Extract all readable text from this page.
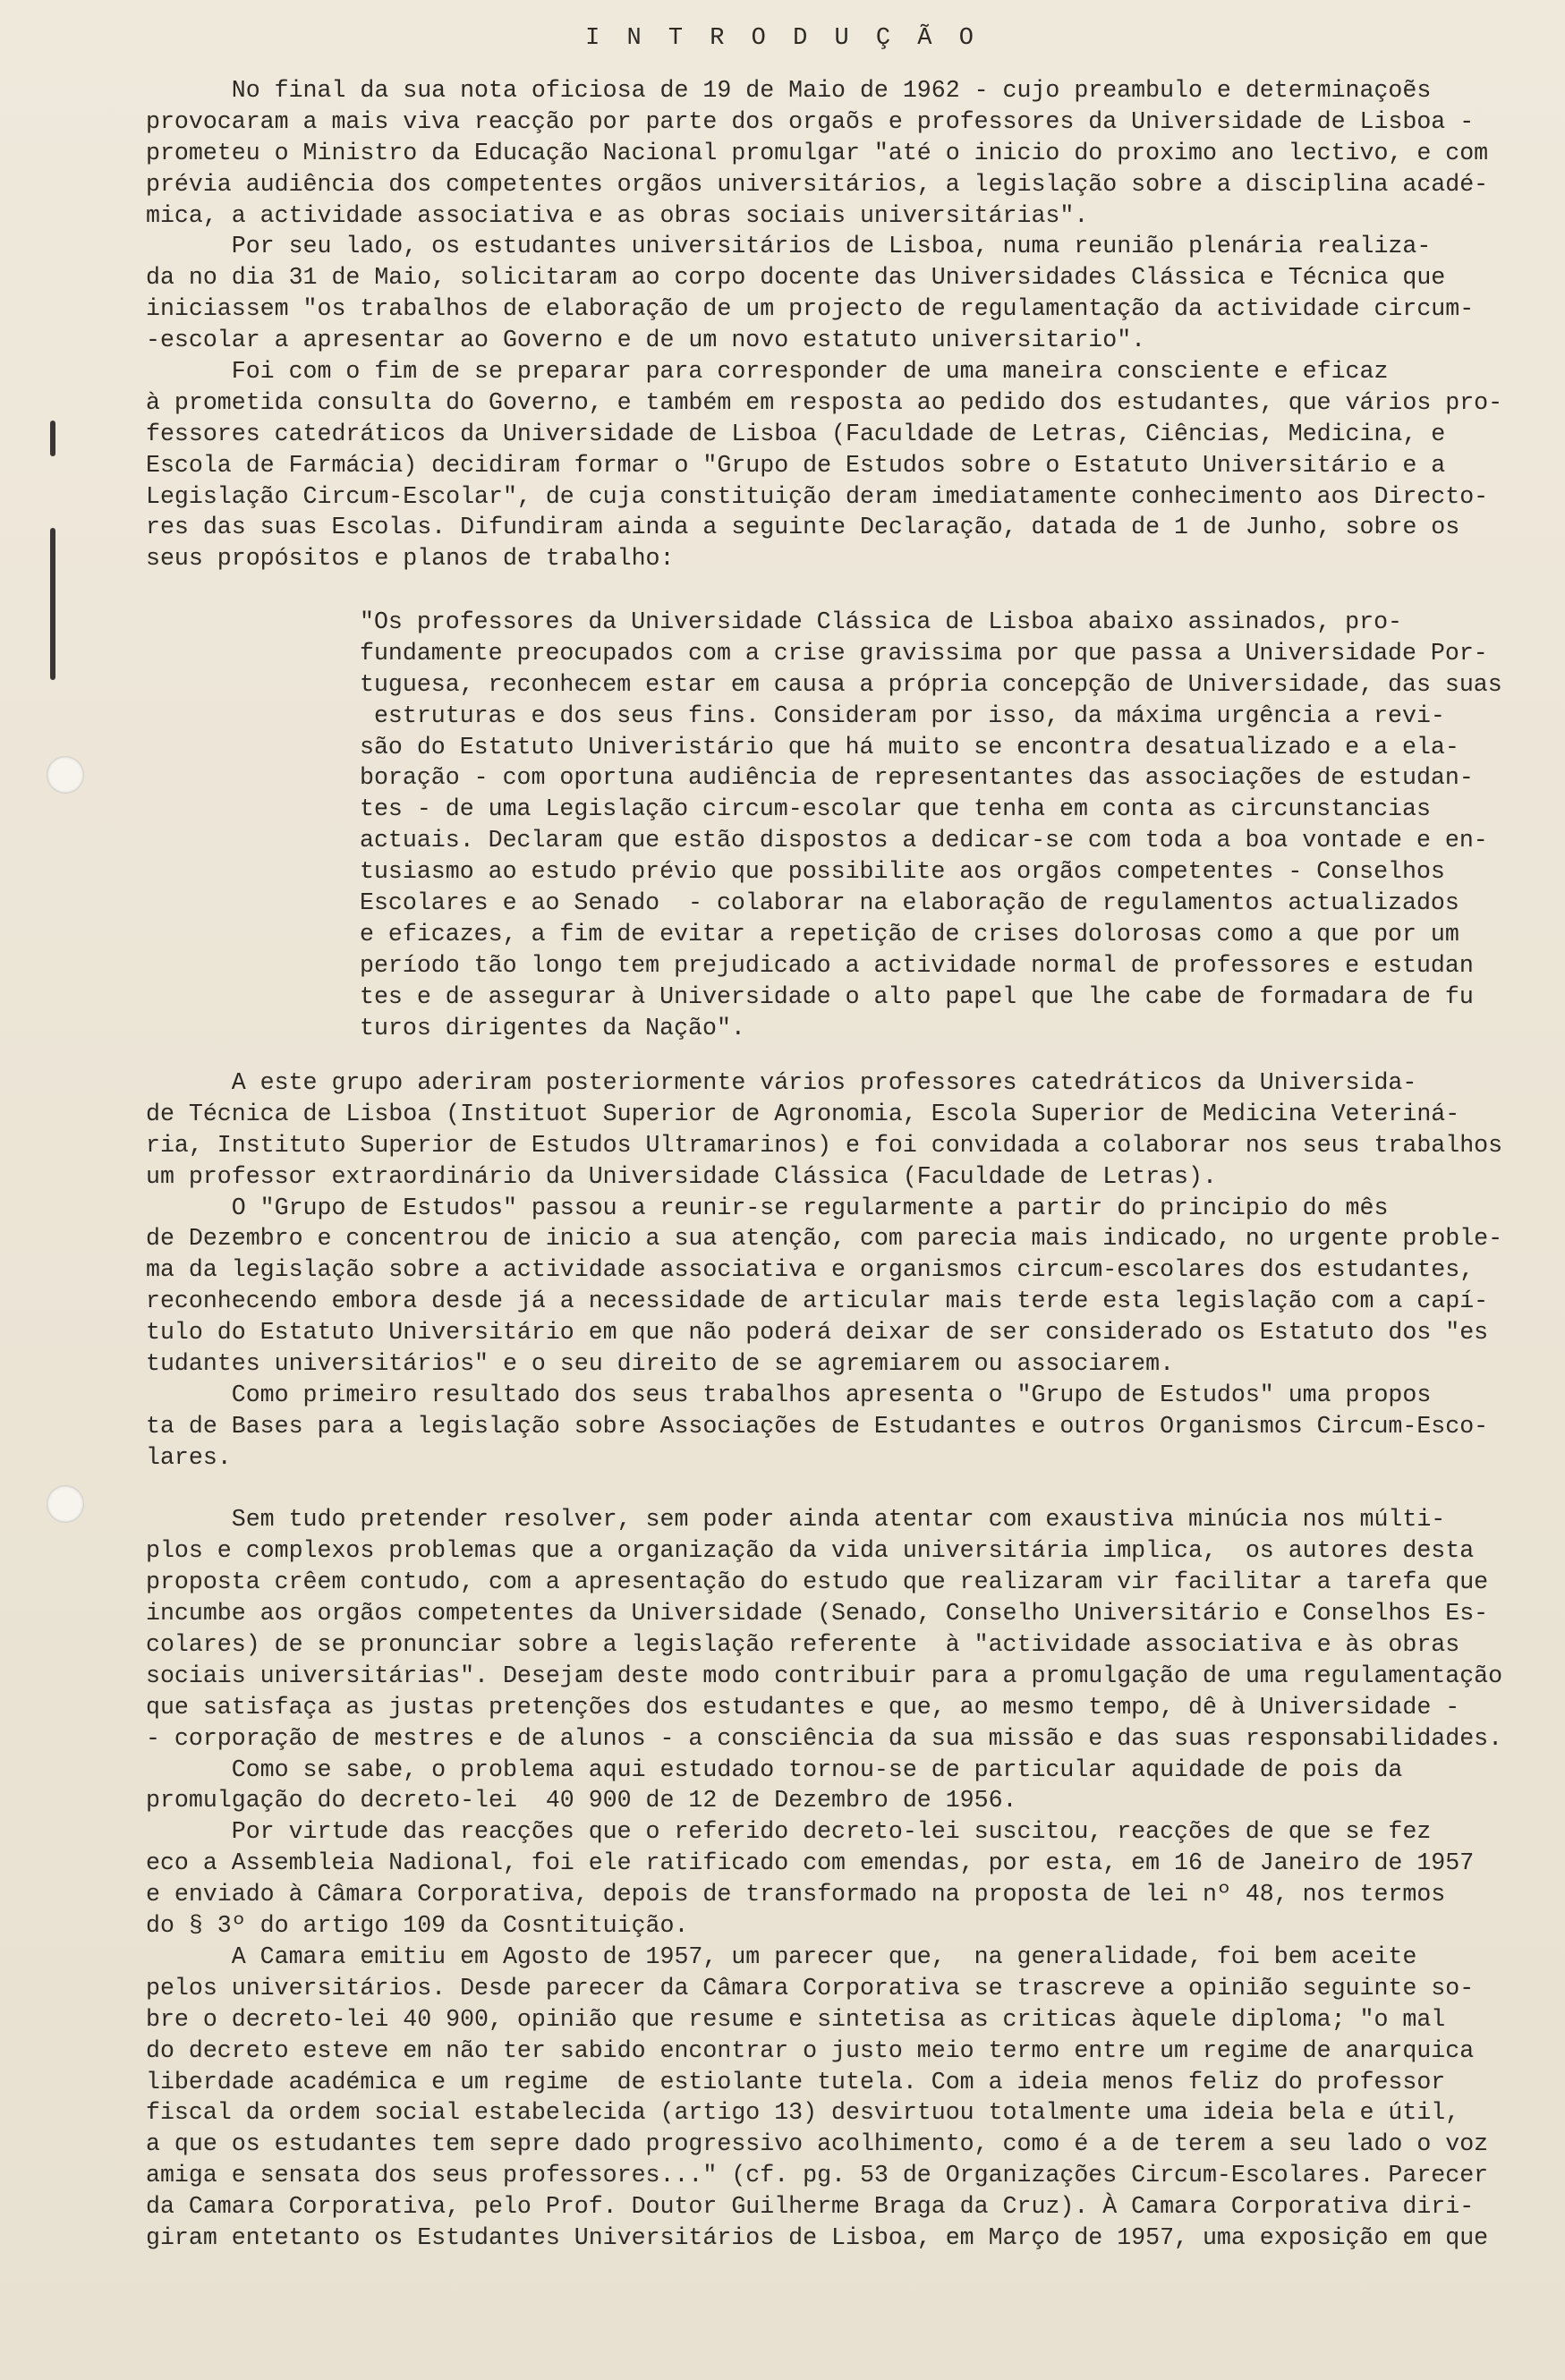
I N T R O D U Ç Ã O
No final da sua nota oficiosa de 19 de Maio de 1962 - cujo preambulo e determinaçoẽs
provocaram a mais viva reacção por parte dos orgaõs e professores da Universidade de Lisboa -
prometeu o Ministro da Educação Nacional promulgar "até o inicio do proximo ano lectivo, e com
prévia audiência dos competentes orgãos universitários, a legislação sobre a disciplina acadé-
mica, a actividade associativa e as obras sociais universitárias".
Por seu lado, os estudantes universitários de Lisboa, numa reunião plenária realiza-
da no dia 31 de Maio, solicitaram ao corpo docente das Universidades Clássica e Técnica que
iniciassem "os trabalhos de elaboração de um projecto de regulamentação da actividade circum-
-escolar a apresentar ao Governo e de um novo estatuto universitario".
Foi com o fim de se preparar para corresponder de uma maneira consciente e eficaz
à prometida consulta do Governo, e também em resposta ao pedido dos estudantes, que vários pro-
fessores catedráticos da Universidade de Lisboa (Faculdade de Letras, Ciências, Medicina, e
Escola de Farmácia) decidiram formar o "Grupo de Estudos sobre o Estatuto Universitário e a
Legislação Circum-Escolar", de cuja constituição deram imediatamente conhecimento aos Directo-
res das suas Escolas. Difundiram ainda a seguinte Declaração, datada de 1 de Junho, sobre os
seus propósitos e planos de trabalho:
"Os professores da Universidade Clássica de Lisboa abaixo assinados, pro-
fundamente preocupados com a crise gravissima por que passa a Universidade Por-
tuguesa, reconhecem estar em causa a própria concepção de Universidade, das suas
estruturas e dos seus fins. Consideram por isso, da máxima urgência a revi-
são do Estatuto Univeristário que há muito se encontra desatualizado e a ela-
boração - com oportuna audiência de representantes das associações de estudan-
tes - de uma Legislação circum-escolar que tenha em conta as circunstancias
actuais. Declaram que estão dispostos a dedicar-se com toda a boa vontade e en-
tusiasmo ao estudo prévio que possibilite aos orgãos competentes - Conselhos
Escolares e ao Senado  - colaborar na elaboração de regulamentos actualizados
e eficazes, a fim de evitar a repetição de crises dolorosas como a que por um
período tão longo tem prejudicado a actividade normal de professores e estudan
tes e de assegurar à Universidade o alto papel que lhe cabe de formadara de fu
turos dirigentes da Nação".
A este grupo aderiram posteriormente vários professores catedráticos da Universida-
de Técnica de Lisboa (Instituot Superior de Agronomia, Escola Superior de Medicina Veteriná-
ria, Instituto Superior de Estudos Ultramarinos) e foi convidada a colaborar nos seus trabalhos
um professor extraordinário da Universidade Clássica (Faculdade de Letras).
O "Grupo de Estudos" passou a reunir-se regularmente a partir do principio do mês
de Dezembro e concentrou de inicio a sua atenção, com parecia mais indicado, no urgente proble-
ma da legislação sobre a actividade associativa e organismos circum-escolares dos estudantes,
reconhecendo embora desde já a necessidade de articular mais terde esta legislação com a capí-
tulo do Estatuto Universitário em que não poderá deixar de ser considerado os Estatuto dos "es
tudantes universitários" e o seu direito de se agremiarem ou associarem.
Como primeiro resultado dos seus trabalhos apresenta o "Grupo de Estudos" uma propos
ta de Bases para a legislação sobre Associações de Estudantes e outros Organismos Circum-Esco-
lares.
Sem tudo pretender resolver, sem poder ainda atentar com exaustiva minúcia nos múlti-
plos e complexos problemas que a organização da vida universitária implica,  os autores desta
proposta crêem contudo, com a apresentação do estudo que realizaram vir facilitar a tarefa que
incumbe aos orgãos competentes da Universidade (Senado, Conselho Universitário e Conselhos Es-
colares) de se pronunciar sobre a legislação referente  à "actividade associativa e às obras
sociais universitárias". Desejam deste modo contribuir para a promulgação de uma regulamentação
que satisfaça as justas pretenções dos estudantes e que, ao mesmo tempo, dê à Universidade -
- corporação de mestres e de alunos - a consciência da sua missão e das suas responsabilidades.
Como se sabe, o problema aqui estudado tornou-se de particular aquidade de pois da
promulgação do decreto-lei  40 900 de 12 de Dezembro de 1956.
Por virtude das reacções que o referido decreto-lei suscitou, reacções de que se fez
eco a Assembleia Nadional, foi ele ratificado com emendas, por esta, em 16 de Janeiro de 1957
e enviado à Câmara Corporativa, depois de transformado na proposta de lei nº 48, nos termos
do § 3º do artigo 109 da Cosntituição.
A Camara emitiu em Agosto de 1957, um parecer que,  na generalidade, foi bem aceite
pelos universitários. Desde parecer da Câmara Corporativa se trascreve a opinião seguinte so-
bre o decreto-lei 40 900, opinião que resume e sintetisa as criticas àquele diploma; "o mal
do decreto esteve em não ter sabido encontrar o justo meio termo entre um regime de anarquica
liberdade académica e um regime  de estiolante tutela. Com a ideia menos feliz do professor
fiscal da ordem social estabelecida (artigo 13) desvirtuou totalmente uma ideia bela e útil,
a que os estudantes tem sepre dado progressivo acolhimento, como é a de terem a seu lado o voz
amiga e sensata dos seus professores..." (cf. pg. 53 de Organizações Circum-Escolares. Parecer
da Camara Corporativa, pelo Prof. Doutor Guilherme Braga da Cruz). À Camara Corporativa diri-
giram entetanto os Estudantes Universitários de Lisboa, em Março de 1957, uma exposição em que
